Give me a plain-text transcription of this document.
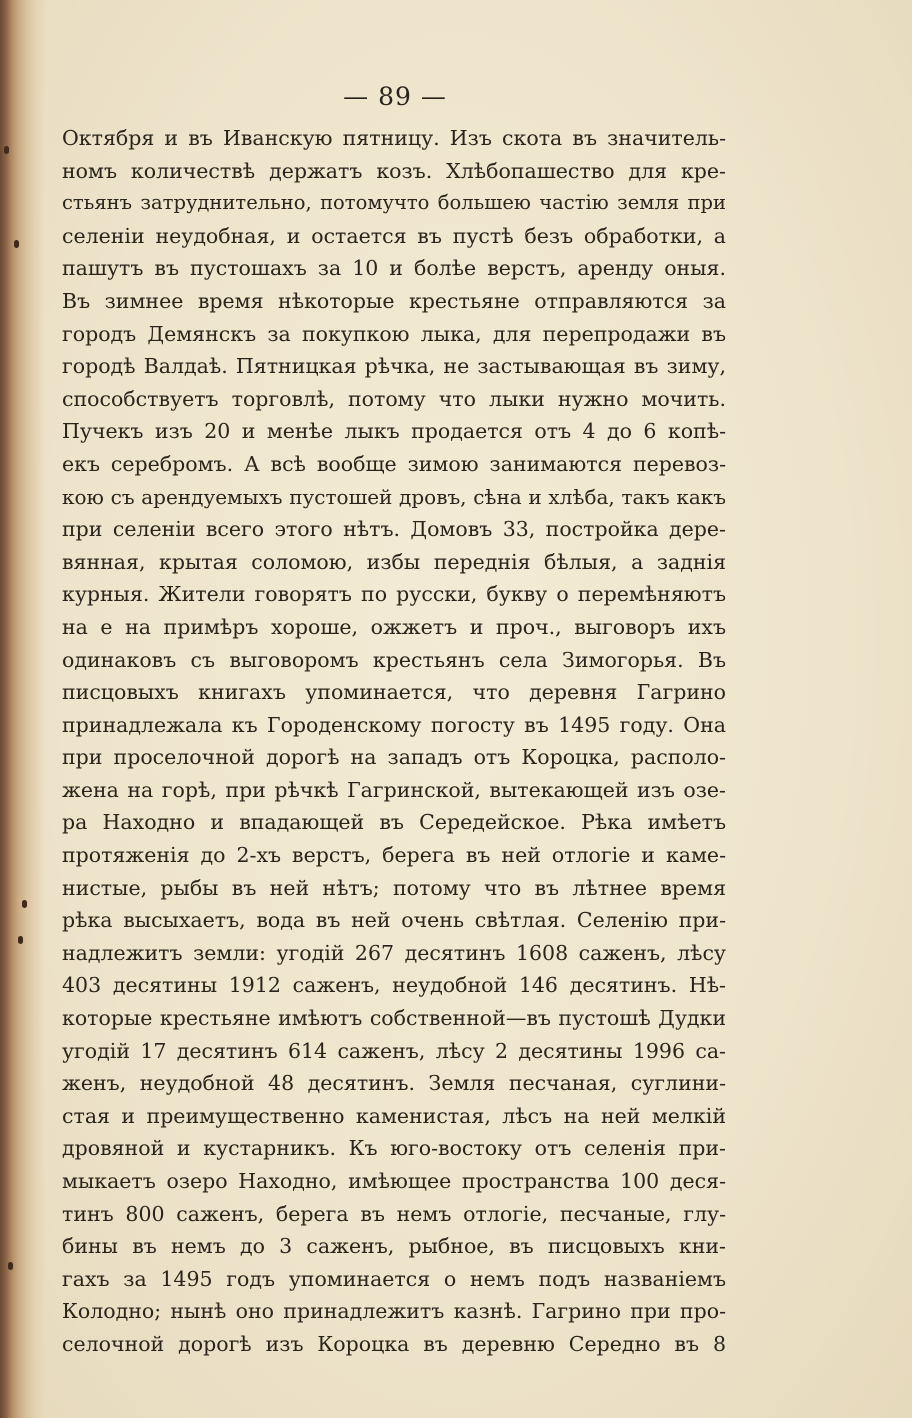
— 89 —
Октября и въ Иванскую пятницу. Изъ скота въ значитель-
номъ количествѣ держатъ козъ. Хлѣбопашество для кре-
стьянъ затруднительно, потомучто большею частію земля при
селеніи неудобная, и остается въ пустѣ безъ обработки, а
пашутъ въ пустошахъ за 10 и болѣе верстъ, аренду оныя.
Въ зимнее время нѣкоторые крестьяне отправляются за
городъ Демянскъ за покупкою лыка, для перепродажи въ
городѣ Валдаѣ. Пятницкая рѣчка, не застывающая въ зиму,
способствуетъ торговлѣ, потому что лыки нужно мочить.
Пучекъ изъ 20 и менѣе лыкъ продается отъ 4 до 6 копѣ-
екъ серебромъ. А всѣ вообще зимою занимаются перевоз-
кою съ арендуемыхъ пустошей дровъ, сѣна и хлѣба, такъ какъ
при селеніи всего этого нѣтъ. Домовъ 33, постройка дере-
вянная, крытая соломою, избы переднія бѣлыя, а заднія
курныя. Жители говорятъ по русски, букву о перемѣняютъ
на е на примѣръ хороше, ожжетъ и проч., выговоръ ихъ
одинаковъ съ выговоромъ крестьянъ села Зимогорья. Въ
писцовыхъ книгахъ упоминается, что деревня Гагрино
принадлежала къ Городенскому погосту въ 1495 году. Она
при проселочной дорогѣ на западъ отъ Короцка, располо-
жена на горѣ, при рѣчкѣ Гагринской, вытекающей изъ озе-
ра Находно и впадающей въ Середейское. Рѣка имѣетъ
протяженія до 2-хъ верстъ, берега въ ней отлогіе и каме-
нистые, рыбы въ ней нѣтъ; потому что въ лѣтнее время
рѣка высыхаетъ, вода въ ней очень свѣтлая. Селенію при-
надлежитъ земли: угодій 267 десятинъ 1608 саженъ, лѣсу
403 десятины 1912 саженъ, неудобной 146 десятинъ. Нѣ-
которые крестьяне имѣютъ собственной—въ пустошѣ Дудки
угодій 17 десятинъ 614 саженъ, лѣсу 2 десятины 1996 са-
женъ, неудобной 48 десятинъ. Земля песчаная, суглини-
стая и преимущественно каменистая, лѣсъ на ней мелкій
дровяной и кустарникъ. Къ юго-востоку отъ селенія при-
мыкаетъ озеро Находно, имѣющее пространства 100 деся-
тинъ 800 саженъ, берега въ немъ отлогіе, песчаные, глу-
бины въ немъ до 3 саженъ, рыбное, въ писцовыхъ кни-
гахъ за 1495 годъ упоминается о немъ подъ названіемъ
Колодно; нынѣ оно принадлежитъ казнѣ. Гагрино при про-
селочной дорогѣ изъ Короцка въ деревню Середно въ 8
